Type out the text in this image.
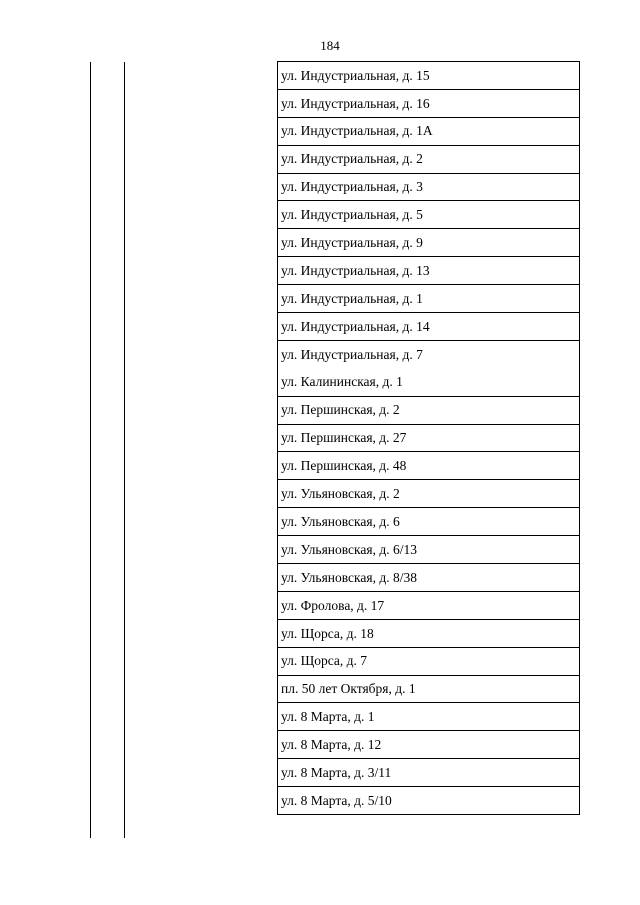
184
ул. Индустриальная, д. 15
ул. Индустриальная, д. 16
ул. Индустриальная, д. 1А
ул. Индустриальная, д. 2
ул. Индустриальная, д. 3
ул. Индустриальная, д. 5
ул. Индустриальная, д. 9
ул. Индустриальная, д. 13
ул. Индустриальная, д. 1
ул. Индустриальная, д. 14
ул. Индустриальная, д. 7
ул. Калининская, д. 1
ул. Першинская, д. 2
ул. Першинская, д. 27
ул. Першинская, д. 48
ул. Ульяновская, д. 2
ул. Ульяновская, д. 6
ул. Ульяновская, д. 6/13
ул. Ульяновская, д. 8/38
ул. Фролова, д. 17
ул. Щорса, д. 18
ул. Щорса, д. 7
пл. 50 лет Октября, д. 1
ул. 8 Марта, д. 1
ул. 8 Марта, д. 12
ул. 8 Марта, д. 3/11
ул. 8 Марта, д. 5/10
